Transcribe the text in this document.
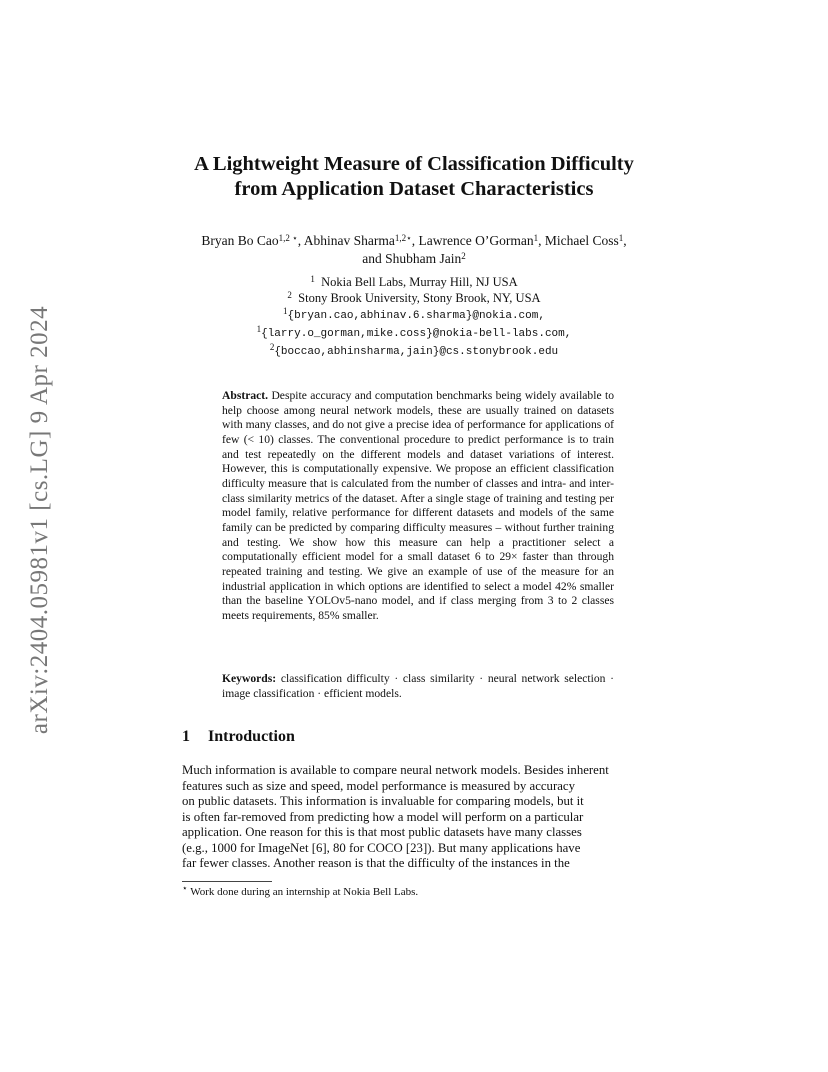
arXiv:2404.05981v1 [cs.LG] 9 Apr 2024
A Lightweight Measure of Classification Difficulty
from Application Dataset Characteristics
Bryan Bo Cao$^{1,2 ⋆}$, Abhinav Sharma$^{1,2⋆}$, Lawrence O’Gorman$^1$, Michael Coss$^1$,
and Shubham Jain$^2$
$^1$ Nokia Bell Labs, Murray Hill, NJ USA
$^2$ Stony Brook University, Stony Brook, NY, USA
$^1${bryan.cao,abhinav.6.sharma}@nokia.com,
$^1${larry.o_gorman,mike.coss}@nokia-bell-labs.com,
$^2${boccao,abhinsharma,jain}@cs.stonybrook.edu
Abstract. Despite accuracy and computation benchmarks being widely available to help choose among neural network models, these are usually trained on datasets with many classes, and do not give a precise idea of performance for applications of few (< 10) classes. The conventional procedure to predict performance is to train and test repeatedly on the different models and dataset variations of interest. However, this is computationally expensive. We propose an efficient classification difficulty measure that is calculated from the number of classes and intra- and inter-class similarity metrics of the dataset. After a single stage of training and testing per model family, relative performance for different datasets and models of the same family can be predicted by comparing difficulty measures – without further training and testing. We show how this measure can help a practitioner select a computationally efficient model for a small dataset 6 to 29× faster than through repeated training and testing. We give an example of use of the measure for an industrial application in which options are identified to select a model 42% smaller than the baseline YOLOv5-nano model, and if class merging from 3 to 2 classes meets requirements, 85% smaller.
Keywords: classification difficulty · class similarity · neural network selection · image classification · efficient models.
1 Introduction
Much information is available to compare neural network models. Besides inherent
features such as size and speed, model performance is measured by accuracy
on public datasets. This information is invaluable for comparing models, but it
is often far-removed from predicting how a model will perform on a particular
application. One reason for this is that most public datasets have many classes
(e.g., 1000 for ImageNet [6], 80 for COCO [23]). But many applications have
far fewer classes. Another reason is that the difficulty of the instances in the
⋆ Work done during an internship at Nokia Bell Labs.
